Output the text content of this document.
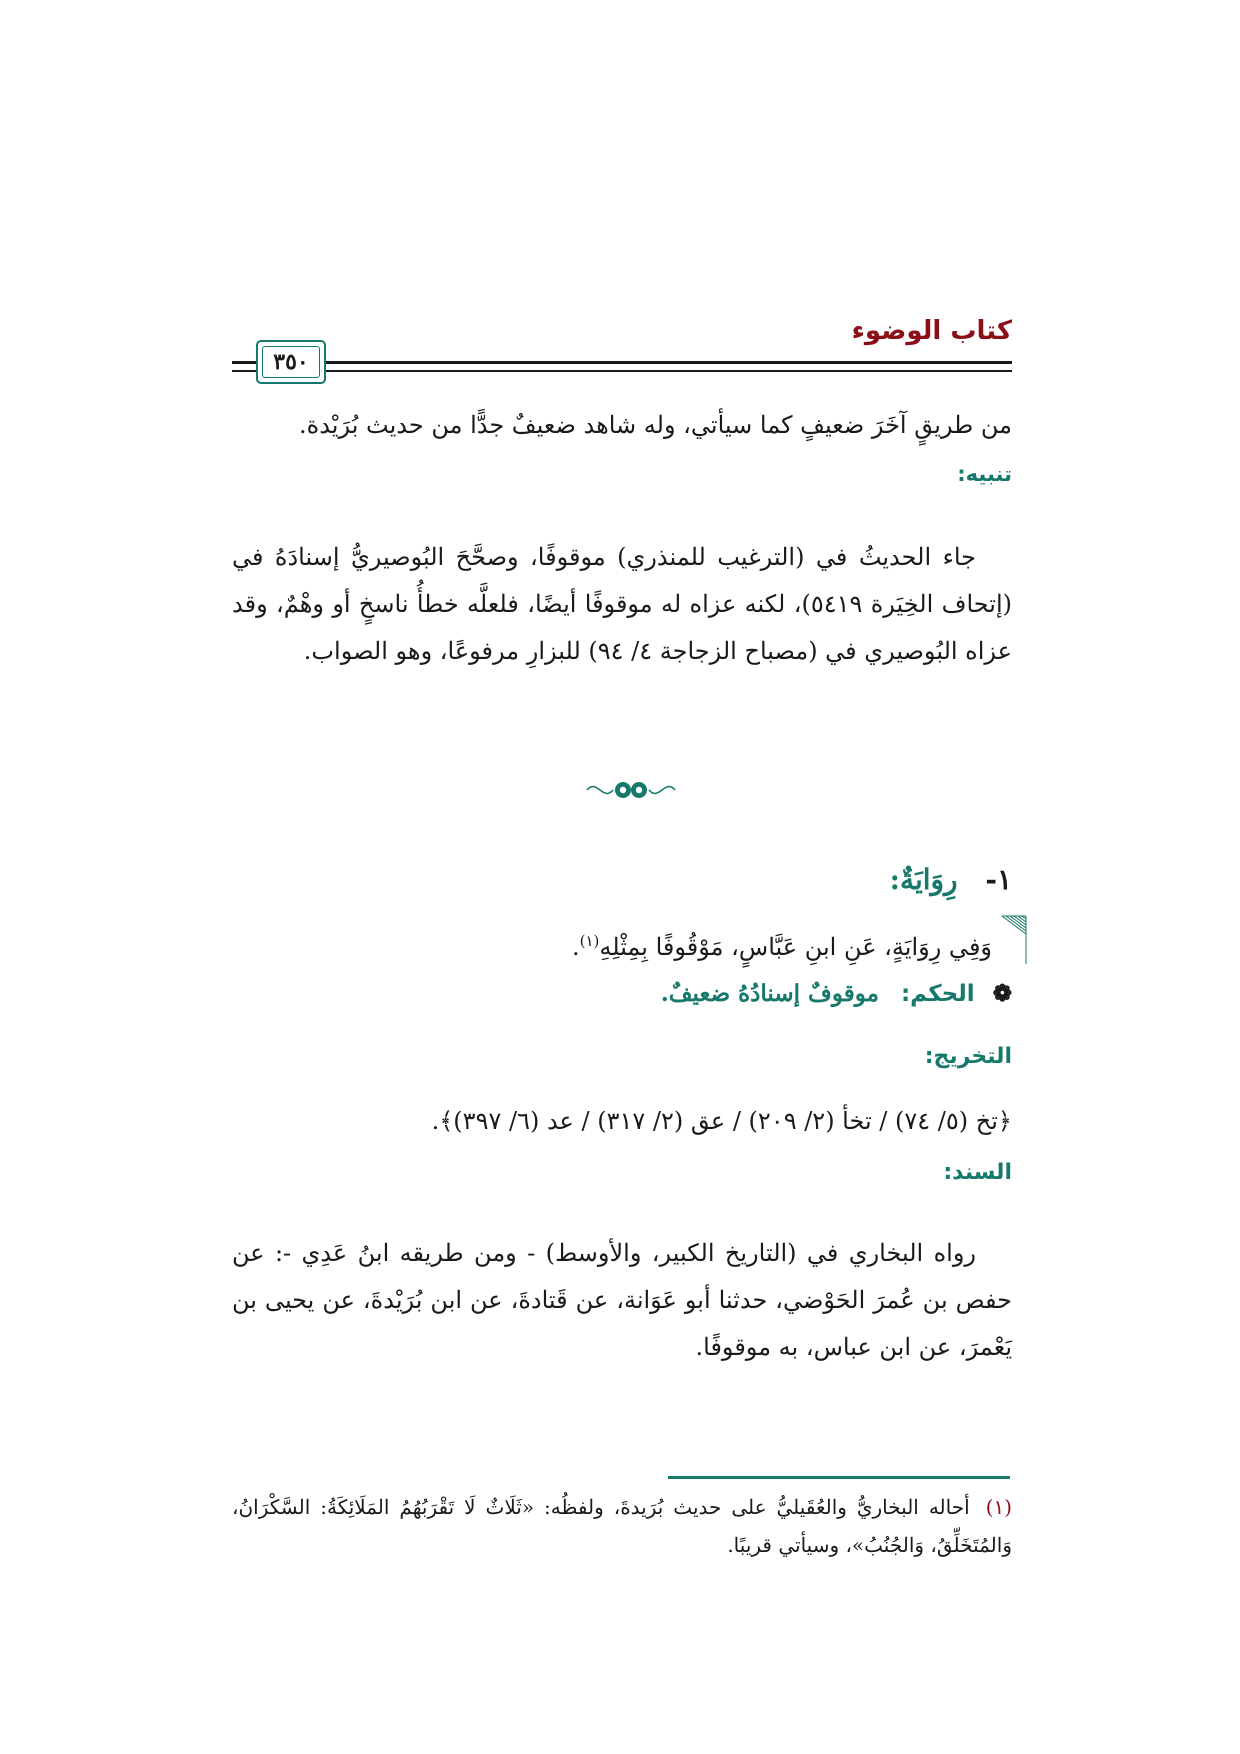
كتاب الوضوء
٣٥٠

من طريقٍ آخَرَ ضعيفٍ كما سيأتي، وله شاهد ضعيفٌ جدًّا من حديث بُرَيْدة.

تنبيه:

جاء الحديثُ في (الترغيب للمنذري) موقوفًا، وصحَّحَ البُوصيريُّ إسنادَهُ في (إتحاف الخِيَرة ٥٤١٩)، لكنه عزاه له موقوفًا أيضًا، فلعلَّه خطأُ ناسخٍ أو وهْمٌ، وقد عزاه البُوصيري في (مصباح الزجاجة ٤/ ٩٤) للبزارِ مرفوعًا، وهو الصواب.

١- رِوَايَةٌ:
وَفِي رِوَايَةٍ، عَنِ ابنِ عَبَّاسٍ، مَوْقُوفًا بِمِثْلِهِ$^{(١)}$.
❁ الحكم: موقوفٌ إسنادُهُ ضعيفٌ.
التخريج:
﴿تخ (٥/ ٧٤) / تخأ (٢/ ٢٠٩) / عق (٢/ ٣١٧) / عد (٦/ ٣٩٧)﴾.
السند:

رواه البخاري في (التاريخ الكبير، والأوسط) - ومن طريقه ابنُ عَدِي -: عن حفص بن عُمرَ الحَوْضي، حدثنا أبو عَوَانة، عن قَتادةَ، عن ابن بُرَيْدةَ، عن يحيى بن يَعْمرَ، عن ابن عباس، به موقوفًا.

(١) أحاله البخاريُّ والعُقَيليُّ على حديث بُرَيدةَ، ولفظُه: «ثَلَاثٌ لَا تَقْرَبُهُمُ المَلَائِكَةُ: السَّكْرَانُ، وَالمُتَخَلِّقُ، وَالجُنُبُ»، وسيأتي قريبًا.
